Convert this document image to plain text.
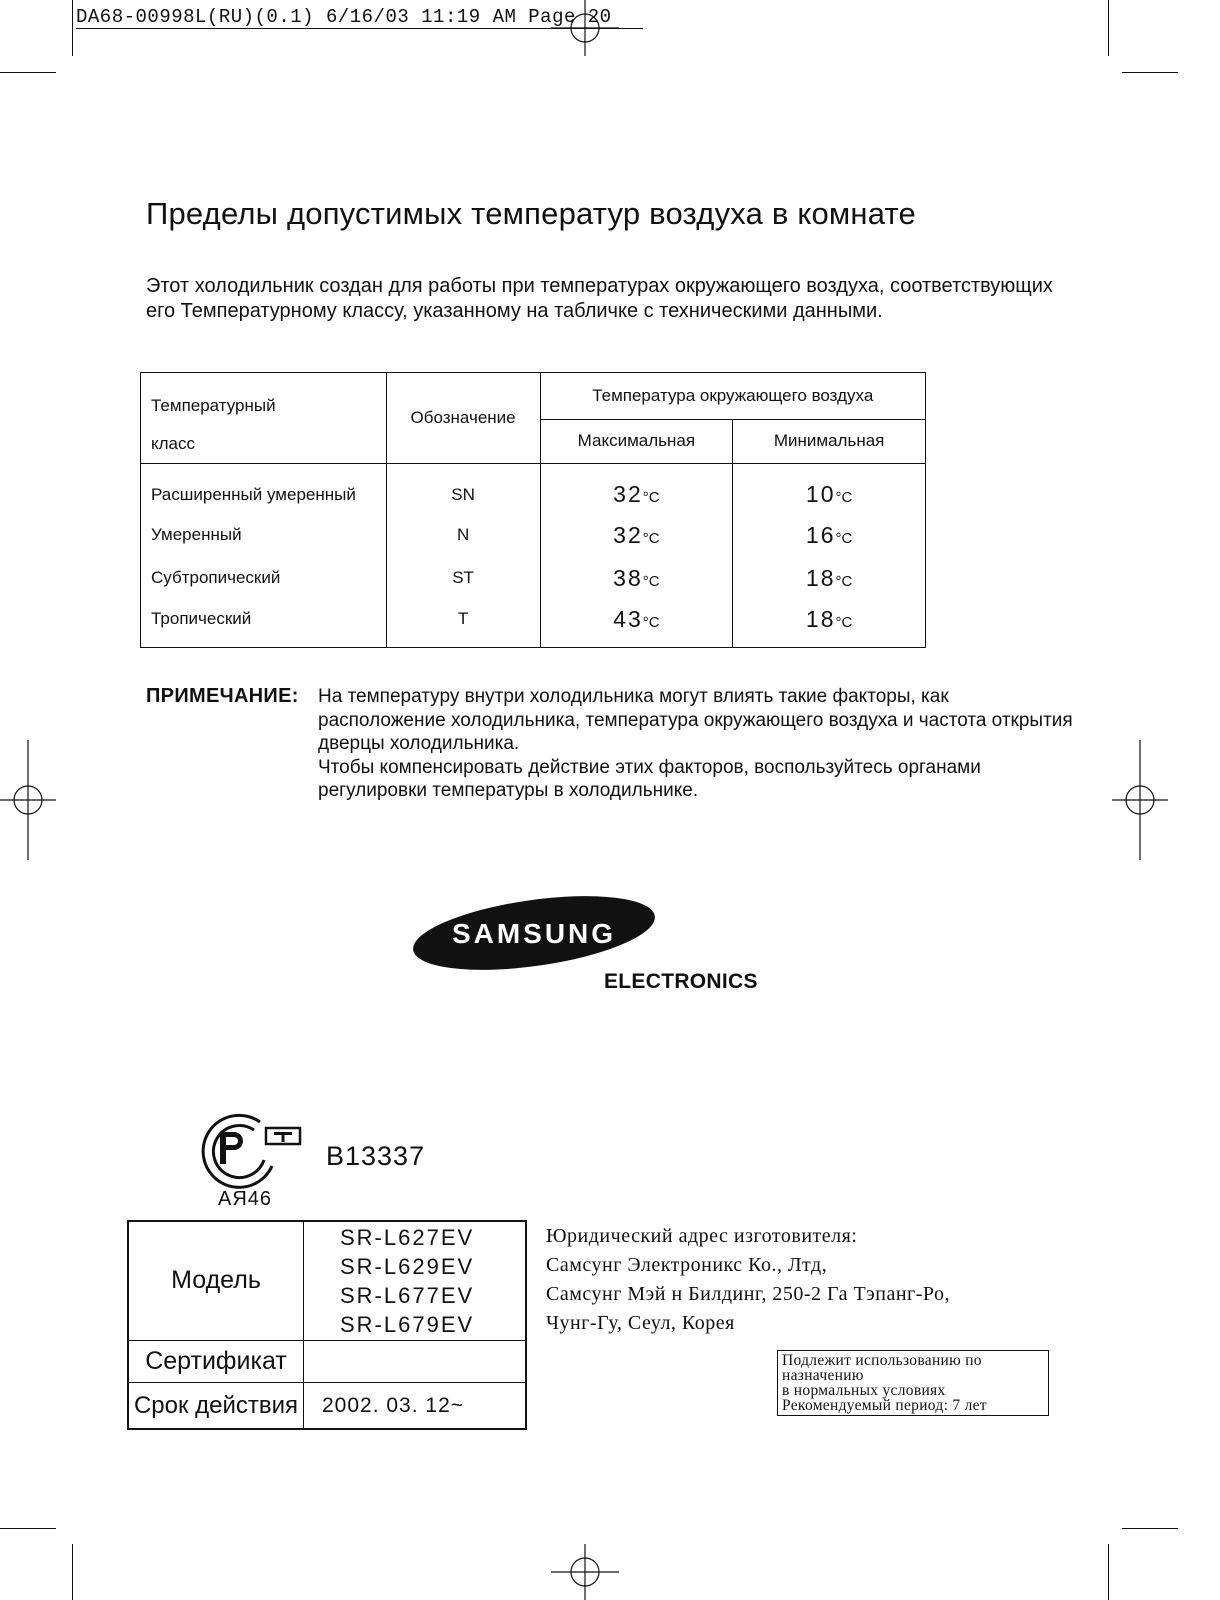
DA68-00998L(RU)(0.1) 6/16/03 11:19 AM Page 20
Пределы допустимых температур воздуха в комнате
Этот холодильник создан для работы при температурах окружающего воздуха, соответствующих его Температурному классу, указанному на табличке с техническими данными.
Температурный
класс	Обозначение	Температура окружающего воздуха	
		Максимальная	Минимальная
Расширенный умеренный	SN	32°C	10°C
Умеренный	N	32°C	16°C
Субтропический	ST	38°C	18°C
Тропический	T	43°C	18°C
ПРИМЕЧАНИЕ: На температуру внутри холодильника могут влиять такие факторы, как расположение холодильника, температура окружающего воздуха и частота открытия дверцы холодильника.
Чтобы компенсировать действие этих факторов, воспользуйтесь органами регулировки температуры в холодильнике.
SAMSUNG
ELECTRONICS
B13337
АЯ46
Модель	SR-L627EV
SR-L629EV
SR-L677EV
SR-L679EV

Сертификат	
Срок действия	2002. 03. 12~
Юридический адрес изготовителя:
Самсунг Электроникс Ко., Лтд,
Самсунг Мэй н Билдинг, 250-2 Га Тэпанг-Ро,
Чунг-Гу, Сеул, Корея
Подлежит использованию по
назначению
в нормальных условиях
Рекомендуемый период: 7 лет
